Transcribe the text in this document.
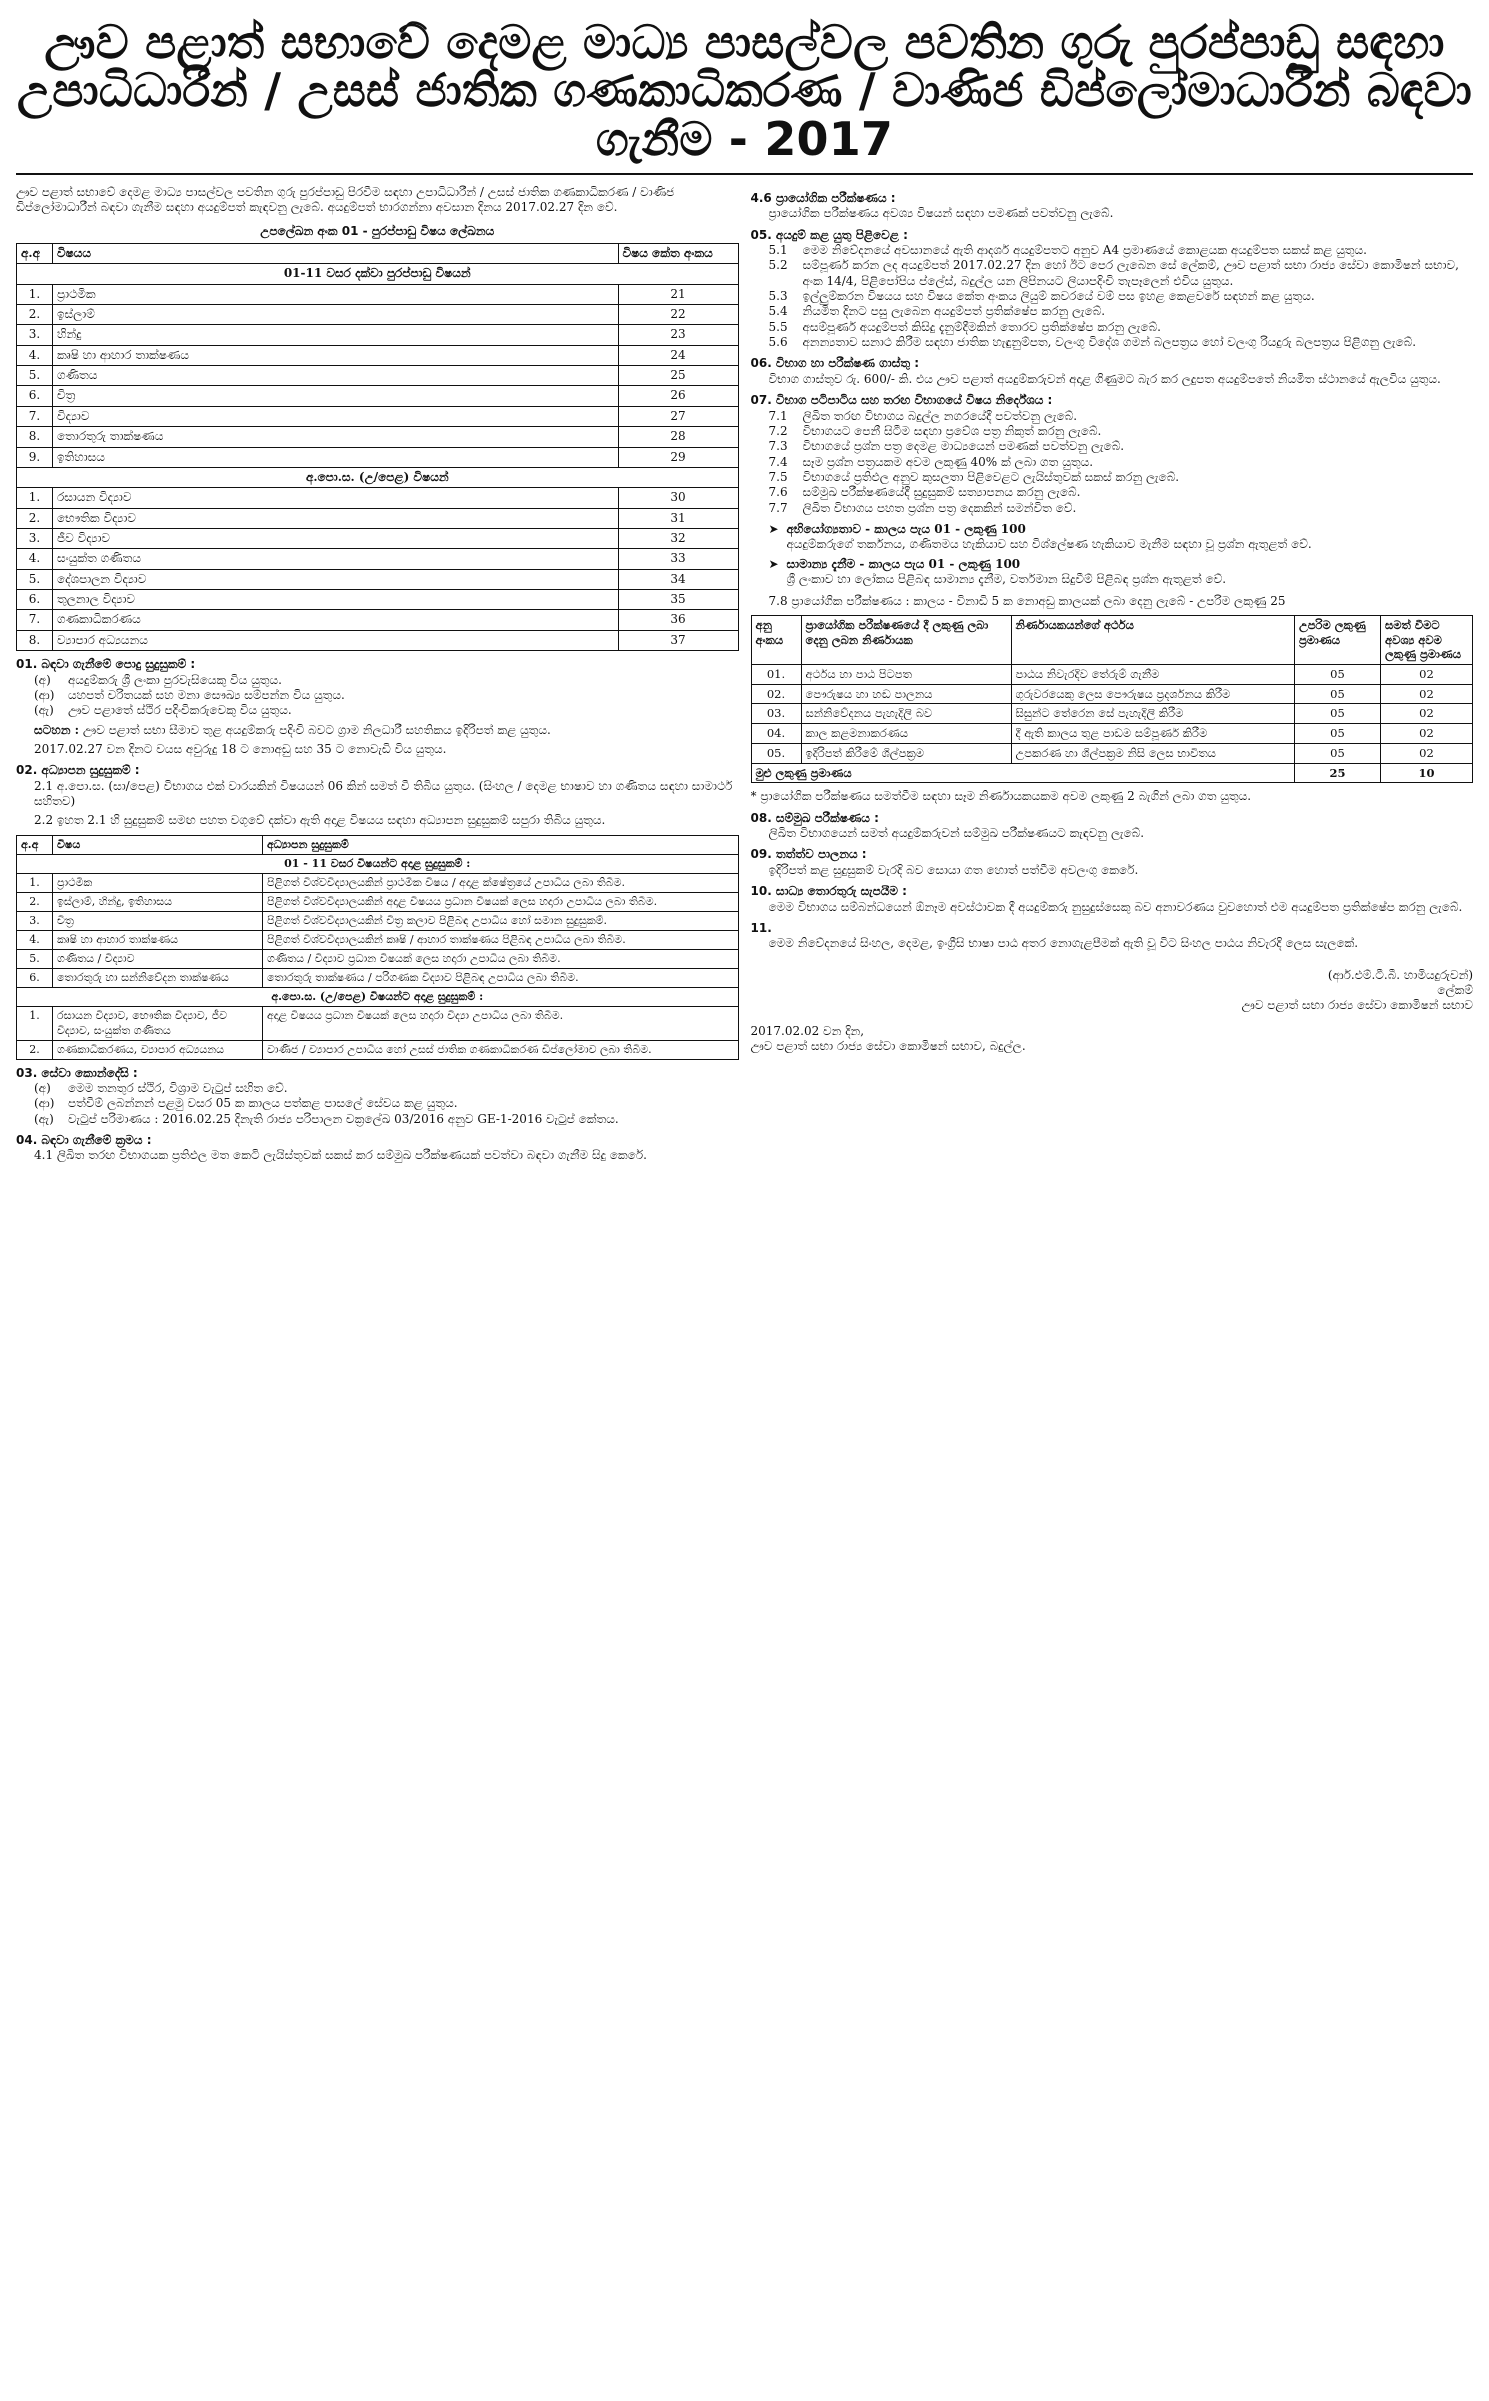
ඌව පළාත් සභාවේ දෙමළ මාධ්‍ය පාසල්වල පවතින ගුරු පුරප්පාඩු සඳහා
උපාධිධාරීන් / උසස් ජාතික ගණකාධිකරණ / වාණිජ ඩිප්ලෝමාධාරීන් බඳවා ගැනීම - 2017
ඌව පළාත් සභාවේ දෙමළ මාධ්‍ය පාසල්වල පවතින ගුරු පුරප්පාඩු පිරවීම සඳහා උපාධිධාරීන් / උසස් ජාතික ගණකාධිකරණ / වාණිජ ඩිප්ලෝමාධාරීන් බඳවා ගැනීම සඳහා අයදුම්පත් කැඳවනු ලැබේ. අයදුම්පත් භාරගන්නා අවසාන දිනය 2017.02.27 දින වේ.
උපලේඛන අංක 01 - පුරප්පාඩු විෂය ලේඛනය
අ.අ	විෂයය	විෂය කේත අංකය
01-11 වසර දක්වා පුරප්පාඩු විෂයන්		
1.	ප්‍රාථමික	21
2.	ඉස්ලාම්	22
3.	හින්දු	23
4.	කෘෂි හා ආහාර තාක්ෂණය	24
5.	ගණිතය	25
6.	චිත්‍ර	26
7.	විද්‍යාව	27
8.	තොරතුරු තාක්ෂණය	28
9.	ඉතිහාසය	29
අ.පො.ස. (උ/පෙළ) විෂයන්		
1.	රසායන විද්‍යාව	30
2.	භෞතික විද්‍යාව	31
3.	ජීව විද්‍යාව	32
4.	සංයුක්ත ගණිතය	33
5.	දේශපාලන විද්‍යාව	34
6.	තුලනාල විද්‍යාව	35
7.	ගණකාධිකරණය	36
8.	ව්‍යාපාර අධ්‍යයනය	37
01. බඳවා ගැනීමේ පොදු සුදුසුකම් :
(අ)	අයදුම්කරු ශ්‍රී ලංකා පුරවැසියෙකු විය යුතුය.
(ආ)	යහපත් චරිතයක් සහ මනා සෞඛ්‍ය සම්පන්න විය යුතුය.
(ඇ)	ඌව පළාතේ ස්ථිර පදිංචිකරුවෙකු විය යුතුය.
සටහන : ඌව පළාත් සභා සීමාව තුළ අයදුම්කරු පදිංචි බවට ග්‍රාම නිලධාරී සහතිකය ඉදිරිපත් කළ යුතුය.
2017.02.27 වන දිනට වයස අවුරුදු 18 ට නොඅඩු සහ 35 ට නොවැඩි විය යුතුය.
02. අධ්‍යාපන සුදුසුකම් :
2.1 අ.පො.ස. (සා/පෙළ) විභාගය එක් වාරයකින් විෂයයන් 06 කින් සමත් වී තිබිය යුතුය. (සිංහල / දෙමළ භාෂාව හා ගණිතය සඳහා සාමාර්ථ සහිතව)
2.2 ඉහත 2.1 හි සුදුසුකම් සමඟ පහත වගුවේ දක්වා ඇති අදාළ විෂයය සඳහා අධ්‍යාපන සුදුසුකම් සපුරා තිබිය යුතුය.
අ.අ	විෂය	අධ්‍යාපන සුදුසුකම්
01 - 11 වසර විෂයන්ට අදාළ සුදුසුකම් :		
1.	ප්‍රාථමික	පිළිගත් විශ්වවිද්‍යාලයකින් ප්‍රාථමික විෂය / අදාළ ක්ෂේත්‍රයේ උපාධිය ලබා තිබීම.
2.	ඉස්ලාම්, හින්දු, ඉතිහාසය	පිළිගත් විශ්වවිද්‍යාලයකින් අදාළ විෂයය ප්‍රධාන විෂයක් ලෙස හදාරා උපාධිය ලබා තිබීම.
3.	චිත්‍ර	පිළිගත් විශ්වවිද්‍යාලයකින් චිත්‍ර කලාව පිළිබඳ උපාධිය හෝ සමාන සුදුසුකම්.
4.	කෘෂි හා ආහාර තාක්ෂණය	පිළිගත් විශ්වවිද්‍යාලයකින් කෘෂි / ආහාර තාක්ෂණය පිළිබඳ උපාධිය ලබා තිබීම.
5.	ගණිතය / විද්‍යාව	ගණිතය / විද්‍යාව ප්‍රධාන විෂයක් ලෙස හදාරා උපාධිය ලබා තිබීම.
6.	තොරතුරු හා සන්නිවේදන තාක්ෂණය	තොරතුරු තාක්ෂණය / පරිගණක විද්‍යාව පිළිබඳ උපාධිය ලබා තිබීම.
අ.පො.ස. (උ/පෙළ) විෂයන්ට අදාළ සුදුසුකම් :		
1.	රසායන විද්‍යාව, භෞතික විද්‍යාව, ජීව විද්‍යාව, සංයුක්ත ගණිතය	අදාළ විෂයය ප්‍රධාන විෂයක් ලෙස හදාරා විද්‍යා උපාධිය ලබා තිබීම.
2.	ගණකාධිකරණය, ව්‍යාපාර අධ්‍යයනය	වාණිජ / ව්‍යාපාර උපාධිය හෝ උසස් ජාතික ගණකාධිකරණ ඩිප්ලෝමාව ලබා තිබීම.
03. සේවා කොන්දේසි :
(අ)	මෙම තනතුර ස්ථිර, විශ්‍රාම වැටුප් සහිත වේ.
(ආ)	පත්වීම් ලබන්නන් පළමු වසර 05 ක කාලය පත්කළ පාසලේ සේවය කළ යුතුය.
(ඇ)	වැටුප් පරිමාණය : 2016.02.25 දිනැති රාජ්‍ය පරිපාලන චක්‍රලේඛ 03/2016 අනුව GE-1-2016 වැටුප් කේතය.
04. බඳවා ගැනීමේ ක්‍රමය :
4.1 ලිඛිත තරඟ විභාගයක ප්‍රතිඵල මත කෙටි ලැයිස්තුවක් සකස් කර සම්මුඛ පරීක්ෂණයක් පවත්වා බඳවා ගැනීම සිදු කෙරේ.
4.6 ප්‍රායෝගික පරීක්ෂණය :
ප්‍රායෝගික පරීක්ෂණය අවශ්‍ය විෂයන් සඳහා පමණක් පවත්වනු ලැබේ.
05. අයදුම් කළ යුතු පිළිවෙළ :
5.1	මෙම නිවේදනයේ අවසානයේ ඇති ආදර්ශ අයදුම්පතට අනුව A4 ප්‍රමාණයේ කොළයක අයදුම්පත සකස් කළ යුතුය.
5.2	සම්පූර්ණ කරන ලද අයදුම්පත් 2017.02.27 දින හෝ ඊට පෙර ලැබෙන සේ ලේකම්, ඌව පළාත් සභා රාජ්‍ය සේවා කොමිෂන් සභාව, අංක 14/4, පිළිපෝපිය ප්ලේස්, බදුල්ල යන ලිපිනයට ලියාපදිංචි තැපෑලෙන් එවිය යුතුය.
5.3	ඉල්ලුම්කරන විෂයය සහ විෂය කේත අංකය ලියුම් කවරයේ වම් පස ඉහළ කෙළවරේ සඳහන් කළ යුතුය.
5.4	නියමිත දිනට පසු ලැබෙන අයදුම්පත් ප්‍රතික්ෂේප කරනු ලැබේ.
5.5	අසම්පූර්ණ අයදුම්පත් කිසිදු දැනුම්දීමකින් තොරව ප්‍රතික්ෂේප කරනු ලැබේ.
5.6	අනන්‍යතාව සනාථ කිරීම සඳහා ජාතික හැඳුනුම්පත, වලංගු විදේශ ගමන් බලපත්‍රය හෝ වලංගු රියදුරු බලපත්‍රය පිළිගනු ලැබේ.
06. විභාග හා පරීක්ෂණ ගාස්තු :
විභාග ගාස්තුව රු. 600/- කි. එය ඌව පළාත් අයදුම්කරුවන් අදාළ ගිණුමට බැර කර ලදුපත අයදුම්පතේ නියමිත ස්ථානයේ ඇලවිය යුතුය.
07. විභාග පටිපාටිය සහ තරඟ විභාගයේ විෂය නිර්දේශය :
7.1	ලිඛිත තරඟ විභාගය බදුල්ල නගරයේදී පවත්වනු ලැබේ.
7.2	විභාගයට පෙනී සිටීම සඳහා ප්‍රවේශ පත්‍ර නිකුත් කරනු ලැබේ.
7.3	විභාගයේ ප්‍රශ්න පත්‍ර දෙමළ මාධ්‍යයෙන් පමණක් පවත්වනු ලැබේ.
7.4	සෑම ප්‍රශ්න පත්‍රයකම අවම ලකුණු 40% ක් ලබා ගත යුතුය.
7.5	විභාගයේ ප්‍රතිඵල අනුව කුසලතා පිළිවෙළට ලැයිස්තුවක් සකස් කරනු ලැබේ.
7.6	සම්මුඛ පරීක්ෂණයේදී සුදුසුකම් සත්‍යාපනය කරනු ලැබේ.
7.7	ලිඛිත විභාගය පහත ප්‍රශ්න පත්‍ර දෙකකින් සමන්විත වේ.
➤ අභියෝග්‍යතාව - කාලය පැය 01 - ලකුණු 100
අයදුම්කරුගේ තර්කනය, ගණිතමය හැකියාව සහ විශ්ලේෂණ හැකියාව මැනීම සඳහා වූ ප්‍රශ්න ඇතුළත් වේ.
➤ සාමාන්‍ය දැනීම - කාලය පැය 01 - ලකුණු 100
ශ්‍රී ලංකාව හා ලෝකය පිළිබඳ සාමාන්‍ය දැනීම, වර්තමාන සිදුවීම් පිළිබඳ ප්‍රශ්න ඇතුළත් වේ.
7.8 ප්‍රායෝගික පරීක්ෂණය : කාලය - විනාඩි 5 ක නොඅඩු කාලයක් ලබා දෙනු ලැබේ - උපරිම ලකුණු 25
අනු අංකය	ප්‍රායෝගික පරීක්ෂණයේ දී ලකුණු ලබා දෙනු ලබන නිර්ණායක	නිර්ණායකයන්ගේ අර්ථය	උපරිම ලකුණු ප්‍රමාණය	සමත් වීමට අවශ්‍ය අවම ලකුණු ප්‍රමාණය
01.	අර්ථය හා පාඨ පිටපත	පාඨය නිවැරදිව තේරුම් ගැනීම	05	02
02.	පෞරුෂය හා හඬ පාලනය	ගුරුවරයෙකු ලෙස පෞරුෂය ප්‍රදර්ශනය කිරීම	05	02
03.	සන්නිවේදනය පැහැදිලි බව	සිසුන්ට තේරෙන සේ පැහැදිලි කිරීම	05	02
04.	කාල කළමනාකරණය	දී ඇති කාලය තුළ පාඩම සම්පූර්ණ කිරීම	05	02
05.	ඉදිරිපත් කිරීමේ ශිල්පක්‍රම	උපකරණ හා ශිල්පක්‍රම නිසි ලෙස භාවිතය	05	02
මුළු ලකුණු ප්‍රමාණය			25	10
* ප්‍රායෝගික පරීක්ෂණය සමත්වීම සඳහා සෑම නිර්ණායකයකම අවම ලකුණු 2 බැගින් ලබා ගත යුතුය.
08. සම්මුඛ පරීක්ෂණය :
ලිඛිත විභාගයෙන් සමත් අයදුම්කරුවන් සම්මුඛ පරීක්ෂණයට කැඳවනු ලැබේ.
09. තත්ත්ව පාලනය :
ඉදිරිපත් කළ සුදුසුකම් වැරදි බව සොයා ගත හොත් පත්වීම අවලංගු කෙරේ.
10. සාධ්‍ය තොරතුරු සැපයීම :
මෙම විභාගය සම්බන්ධයෙන් ඕනෑම අවස්ථාවක දී අයදුම්කරු නුසුදුස්සෙකු බව අනාවරණය වුවහොත් එම අයදුම්පත ප්‍රතික්ෂේප කරනු ලැබේ.
11.
මෙම නිවේදනයේ සිංහල, දෙමළ, ඉංග්‍රීසි භාෂා පාඨ අතර නොගැළපීමක් ඇති වූ විට සිංහල පාඨය නිවැරදි ලෙස සැලකේ.
(ආර්.එම්.ටී.බී. හාමියදුරුවන්)
ලේකම්
ඌව පළාත් සභා රාජ්‍ය සේවා කොමිෂන් සභාව
2017.02.02 වන දින,
ඌව පළාත් සභා රාජ්‍ය සේවා කොමිෂන් සභාව, බදුල්ල.
